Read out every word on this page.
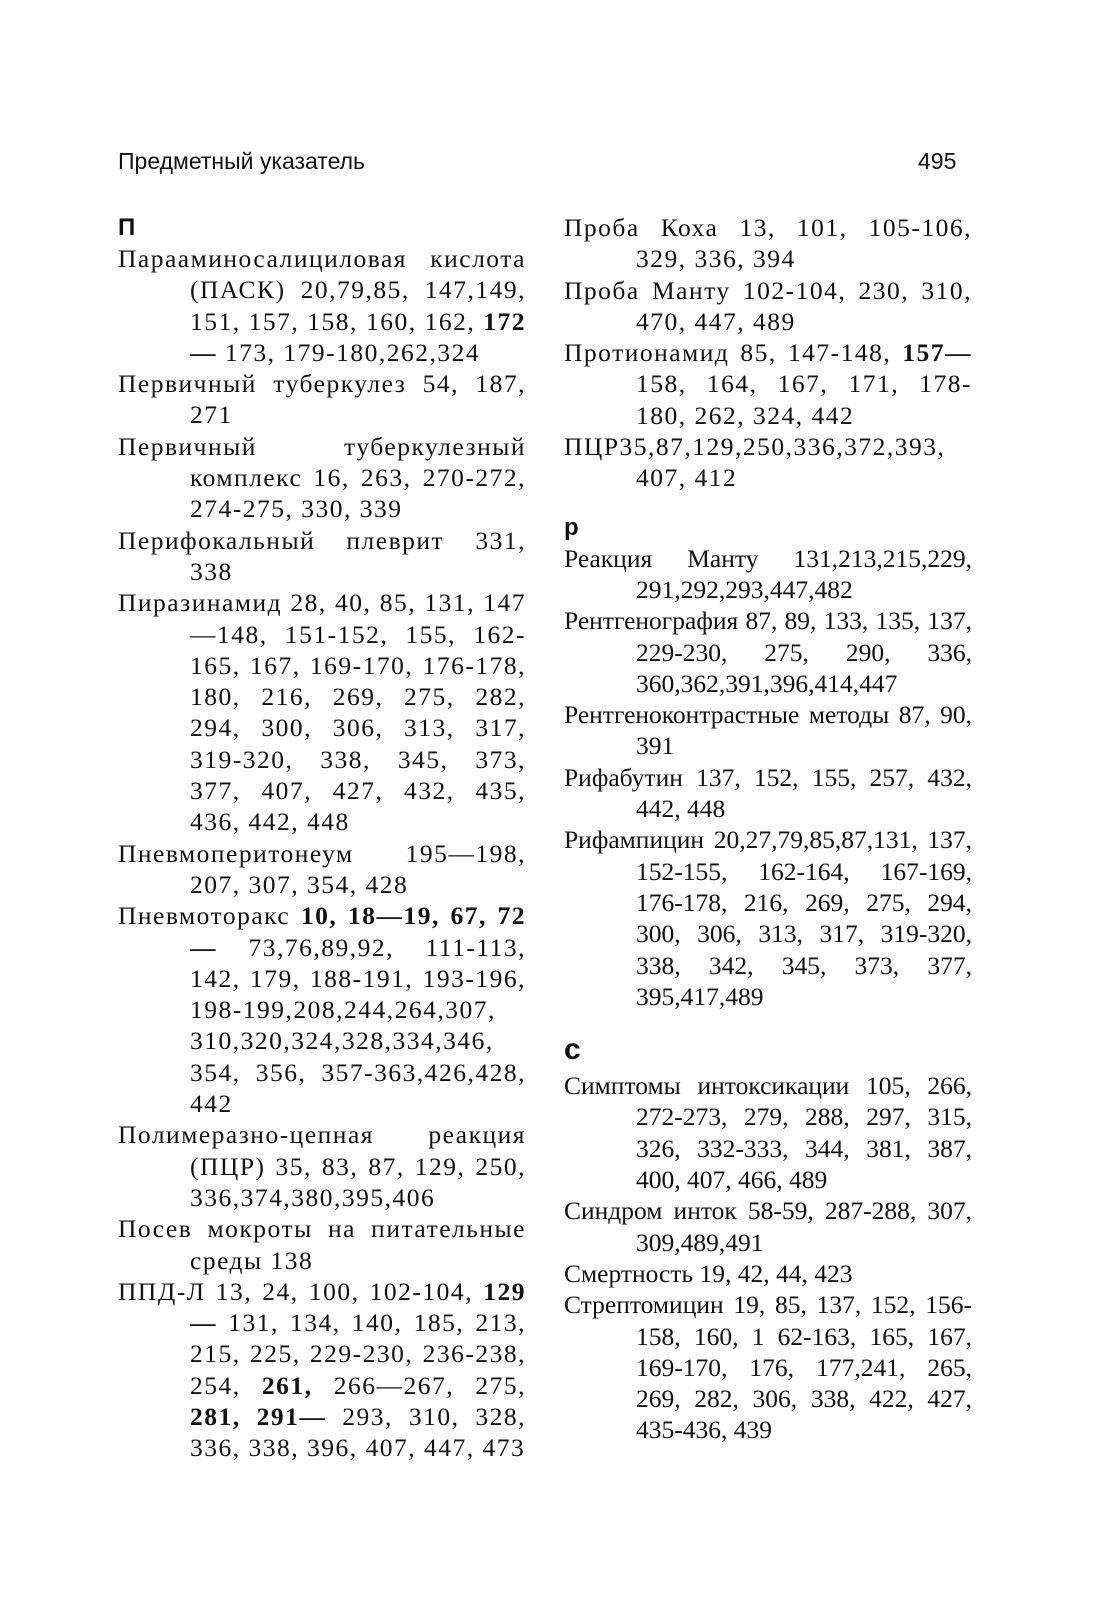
Предметный указатель	495
П
Парааминосалициловая кислота (ПАСК) 20,79,85, 147,149, 151, 157, 158, 160, 162, 172— 173, 179-180,262,324
Первичный туберкулез 54, 187, 271
Первичный туберкулезный комплекс 16, 263, 270-272, 274-275, 330, 339
Перифокальный плеврит 331, 338
Пиразинамид 28, 40, 85, 131, 147—148, 151-152, 155, 162-165, 167, 169-170, 176-178, 180, 216, 269, 275, 282, 294, 300, 306, 313, 317, 319-320, 338, 345, 373, 377, 407, 427, 432, 435, 436, 442, 448
Пневмоперитонеум 195—198, 207, 307, 354, 428
Пневмоторакс 10, 18—19, 67, 72— 73,76,89,92, 111-113, 142, 179, 188-191, 193-196, 198-199,208,244,264,307, 310,320,324,328,334,346, 354, 356, 357-363,426,428, 442
Полимеразно-цепная реакция (ПЦР) 35, 83, 87, 129, 250, 336,374,380,395,406
Посев мокроты на питательные среды 138
ППД-Л 13, 24, 100, 102-104, 129— 131, 134, 140, 185, 213, 215, 225, 229-230, 236-238, 254, 261, 266—267, 275, 281, 291— 293, 310, 328, 336, 338, 396, 407, 447, 473
Проба Коха 13, 101, 105-106, 329, 336, 394
Проба Манту 102-104, 230, 310, 470, 447, 489
Протионамид 85, 147-148, 157— 158, 164, 167, 171, 178-180, 262, 324, 442
ПЦР35,87,129,250,336,372,393, 407, 412
р
Реакция Манту 131,213,215,229, 291,292,293,447,482
Рентгенография 87, 89, 133, 135, 137, 229-230, 275, 290, 336, 360,362,391,396,414,447
Рентгеноконтрастные методы 87, 90, 391
Рифабутин 137, 152, 155, 257, 432, 442, 448
Рифампицин 20,27,79,85,87,131, 137, 152-155, 162-164, 167-169, 176-178, 216, 269, 275, 294, 300, 306, 313, 317, 319-320, 338, 342, 345, 373, 377, 395,417,489
с
Симптомы интоксикации 105, 266, 272-273, 279, 288, 297, 315, 326, 332-333, 344, 381, 387, 400, 407, 466, 489
Синдром инток 58-59, 287-288, 307, 309,489,491
Смертность 19, 42, 44, 423
Стрептомицин 19, 85, 137, 152, 156-158, 160, 1 62-163, 165, 167, 169-170, 176, 177,241, 265, 269, 282, 306, 338, 422, 427, 435-436, 439
